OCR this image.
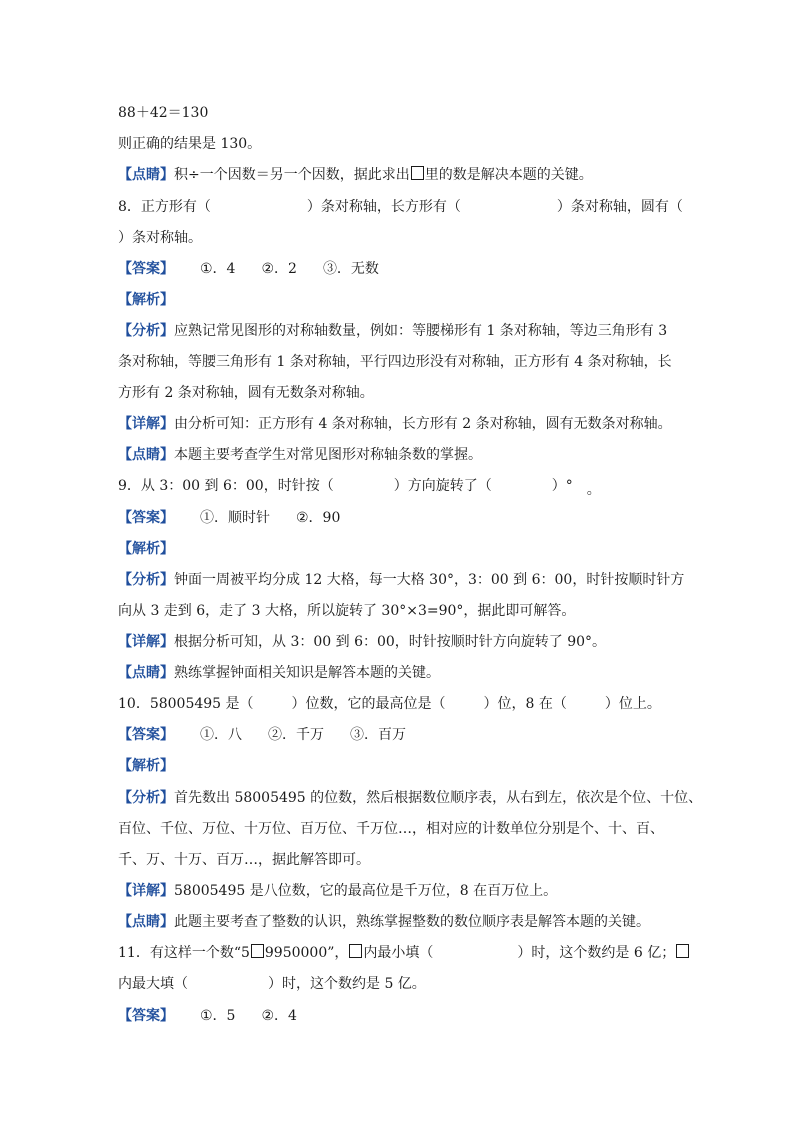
88＋42＝130
则正确的结果是 130。
【点睛】积÷一个因数＝另一个因数，据此求出 里的数是解决本题的关键。
8．正方形有（	）条对称轴，长方形有（	）条对称轴，圆有（
）条对称轴。
【答案】 ①．4 ②．2 ③．无数
【解析】
【分析】应熟记常见图形的对称轴数量，例如：等腰梯形有 1 条对称轴，等边三角形有 3
条对称轴，等腰三角形有 1 条对称轴，平行四边形没有对称轴，正方形有 4 条对称轴，长
方形有 2 条对称轴，圆有无数条对称轴。
【详解】由分析可知：正方形有 4 条对称轴，长方形有 2 条对称轴，圆有无数条对称轴。
【点睛】本题主要考查学生对常见图形对称轴条数的掌握。
9．从 3：00 到 6：00，时针按（	）方向旋转了（	）° 。
【答案】 ①．顺时针 ②．90
【解析】
【分析】钟面一周被平均分成 12 大格，每一大格 30°，3：00 到 6：00，时针按顺时针方
向从 3 走到 6，走了 3 大格，所以旋转了 30°×3=90°，据此即可解答。
【详解】根据分析可知，从 3：00 到 6：00，时针按顺时针方向旋转了 90°。
【点睛】熟练掌握钟面相关知识是解答本题的关键。
10．58005495 是（	）位数，它的最高位是（	）位，8 在（	）位上。
【答案】 ①．八 ②．千万 ③．百万
【解析】
【分析】首先数出 58005495 的位数，然后根据数位顺序表，从右到左，依次是个位、十位、
百位、千位、万位、十万位、百万位、千万位…，相对应的计数单位分别是个、十、百、
千、万、十万、百万…，据此解答即可。
【详解】58005495 是八位数，它的最高位是千万位，8 在百万位上。
【点睛】此题主要考查了整数的认识，熟练掌握整数的数位顺序表是解答本题的关键。
11．有这样一个数“5 9950000”， 内最小填（	）时，这个数约是 6 亿；
内最大填（	）时，这个数约是 5 亿。
【答案】 ①．5 ②．4
